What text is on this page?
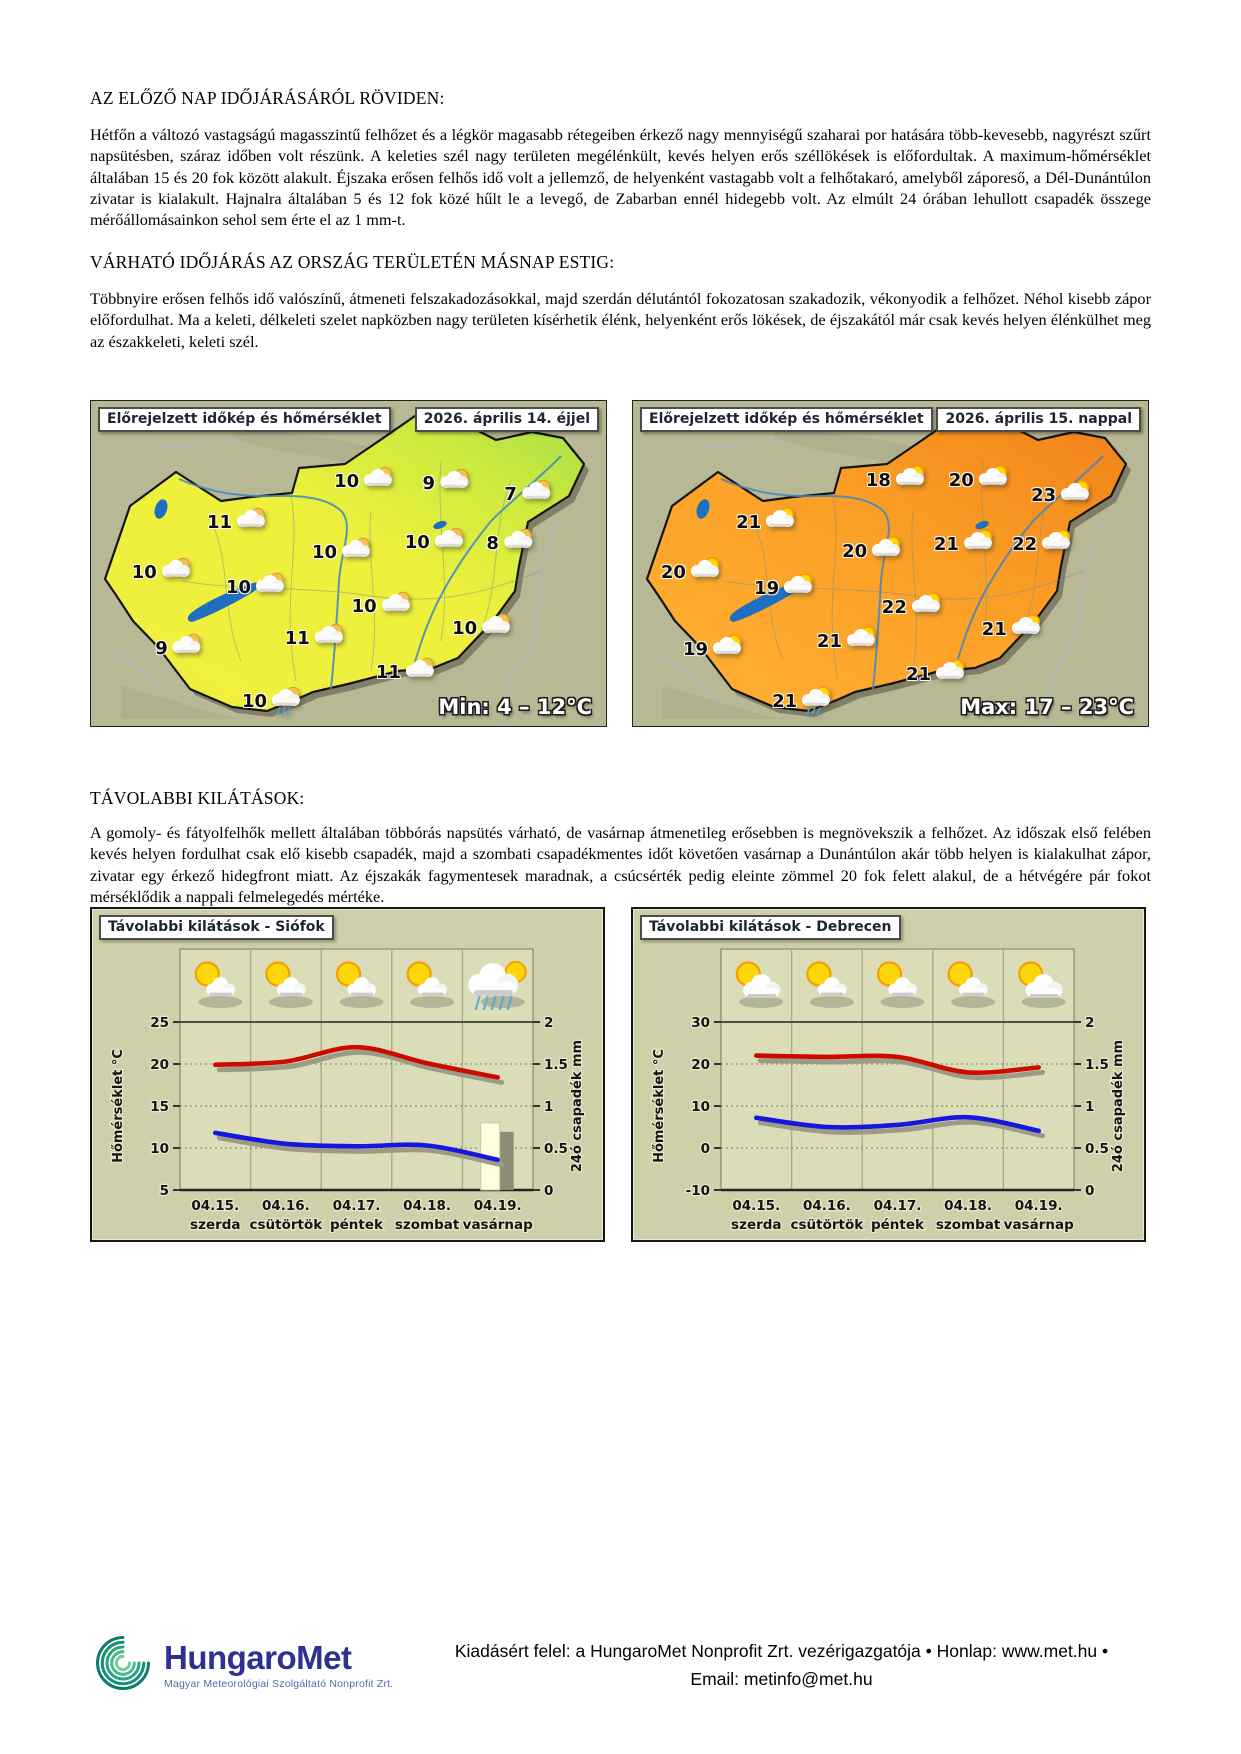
AZ ELŐZŐ NAP IDŐJÁRÁSÁRÓL RÖVIDEN:
Hétfőn a változó vastagságú magasszintű felhőzet és a légkör magasabb rétegeiben érkező nagy mennyiségű szaharai por hatására több-kevesebb, nagyrészt szűrt napsütésben, száraz időben volt részünk. A keleties szél nagy területen megélénkült, kevés helyen erős széllökések is előfordultak. A maximum-hőmérséklet általában 15 és 20 fok között alakult. Éjszaka erősen felhős idő volt a jellemző, de helyenként vastagabb volt a felhőtakaró, amelyből záporeső, a Dél-Dunántúlon zivatar is kialakult. Hajnalra általában 5 és 12 fok közé hűlt le a levegő, de Zabarban ennél hidegebb volt. Az elmúlt 24 órában lehullott csapadék összege mérőállomásainkon sehol sem érte el az 1 mm-t.
VÁRHATÓ IDŐJÁRÁS AZ ORSZÁG TERÜLETÉN MÁSNAP ESTIG:
Többnyire erősen felhős idő valószínű, átmeneti felszakadozásokkal, majd szerdán délutántól fokozatosan szakadozik, vékonyodik a felhőzet. Néhol kisebb zápor előfordulhat. Ma a keleti, délkeleti szelet napközben nagy területen kísérhetik élénk, helyenként erős lökések, de éjszakától már csak kevés helyen élénkülhet meg az északkeleti, keleti szél.
10	9
7
11
10
10	10	8
10
10
10
9	11
11
10
Előrejelzett időkép és hőmérséklet	2026. április 14. éjjel
Min: 4 – 12°C
18	20
23
21
20	21	22
20
19
22
21
19	21
21
21
Előrejelzett időkép és hőmérséklet	2026. április 15. nappal
Max: 17 – 23°C
TÁVOLABBI KILÁTÁSOK:
A gomoly- és fátyolfelhők mellett általában többórás napsütés várható, de vasárnap átmenetileg erősebben is megnövekszik a felhőzet. Az időszak első felében kevés helyen fordulhat csak elő kisebb csapadék, majd a szombati csapadékmentes időt követően vasárnap a Dunántúlon akár több helyen is kialakulhat zápor, zivatar egy érkező hidegfront miatt. Az éjszakák fagymentesek maradnak, a csúcsérték pedig eleinte zömmel 20 fok felett alakul, de a hétvégére pár fokot mérséklődik a nappali felmelegedés mértéke.
5	0
10	0.5
15	1
20	1.5
25	2
04.15. 04.16. 04.17. 04.18. 04.19.
szerda csütörtök péntek szombat vasárnap
Hőmérséklet °C	24ó csapadék mm
Távolabbi kilátások - Siófok
-10	0
0	0.5
10	1
20	1.5
30	2
04.15. 04.16. 04.17. 04.18. 04.19.
szerda csütörtök péntek szombat vasárnap
Hőmérséklet °C	24ó csapadék mm
Távolabbi kilátások - Debrecen
HungaroMet
Magyar Meteorológiai Szolgáltató Nonprofit Zrt.
Kiadásért felel: a HungaroMet Nonprofit Zrt. vezérigazgatója • Honlap: www.met.hu •
Email: metinfo@met.hu
